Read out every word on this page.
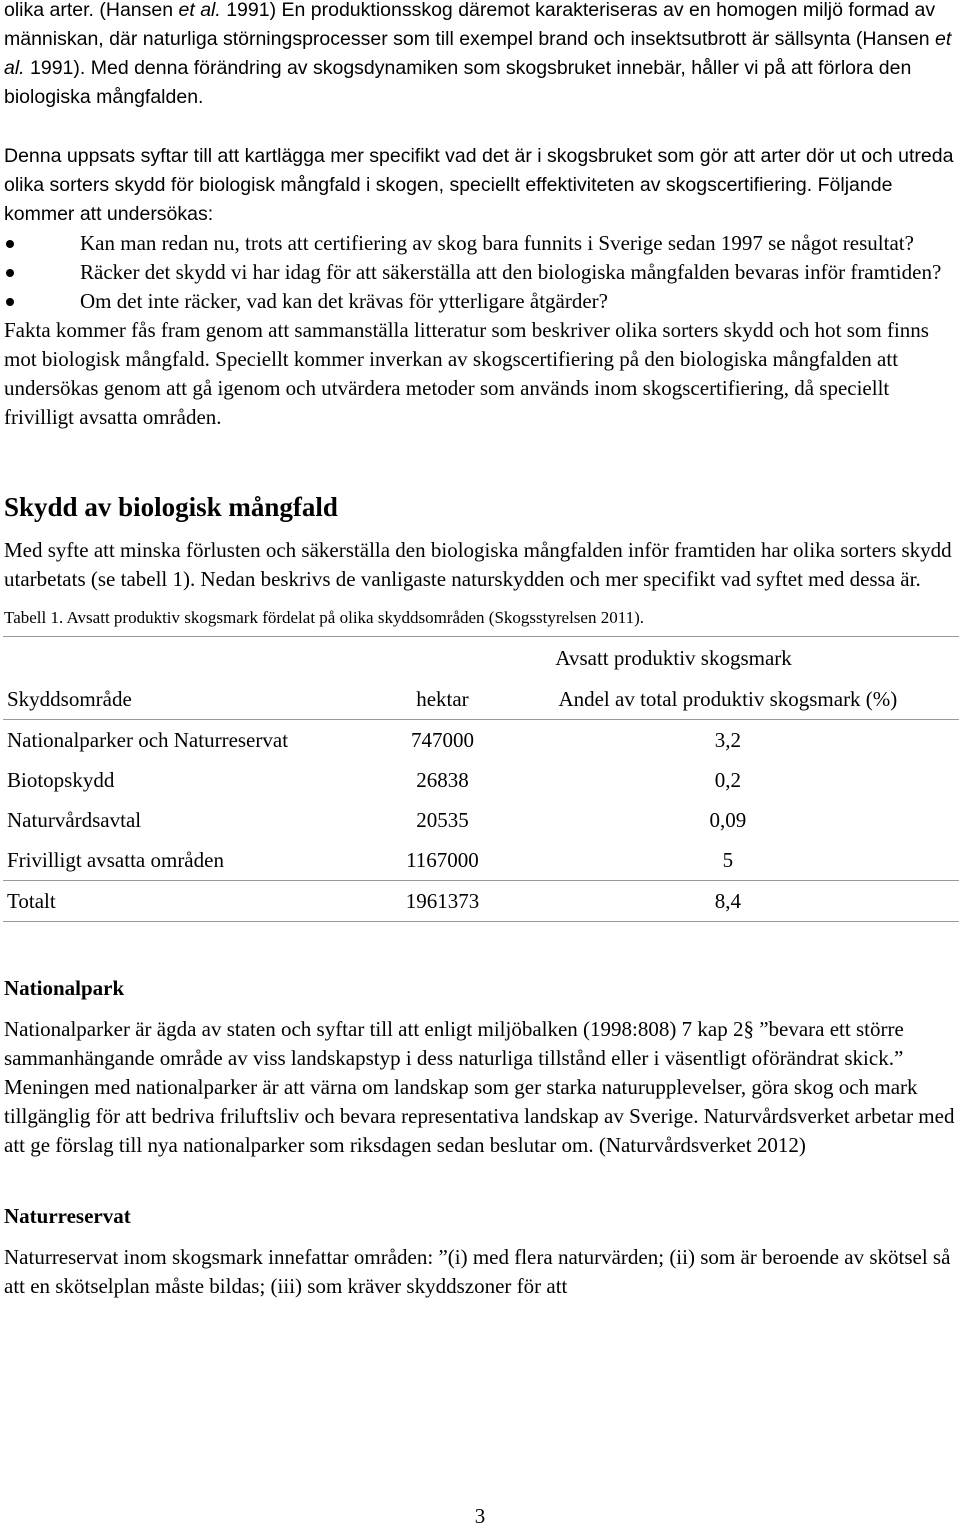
olika arter. (Hansen et al. 1991) En produktionsskog däremot karakteriseras av en homogen miljö formad av människan, där naturliga störningsprocesser som till exempel brand och insektsutbrott är sällsynta (Hansen et al. 1991). Med denna förändring av skogsdynamiken som skogsbruket innebär, håller vi på att förlora den biologiska mångfalden.

Denna uppsats syftar till att kartlägga mer specifikt vad det är i skogsbruket som gör att arter dör ut och utreda olika sorters skydd för biologisk mångfald i skogen, speciellt effektiviteten av skogscertifiering. Följande kommer att undersökas:

Kan man redan nu, trots att certifiering av skog bara funnits i Sverige sedan 1997 se något resultat?
Räcker det skydd vi har idag för att säkerställa att den biologiska mångfalden bevaras inför framtiden?
Om det inte räcker, vad kan det krävas för ytterligare åtgärder?

Fakta kommer fås fram genom att sammanställa litteratur som beskriver olika sorters skydd och hot som finns mot biologisk mångfald. Speciellt kommer inverkan av skogscertifiering på den biologiska mångfalden att undersökas genom att gå igenom och utvärdera metoder som används inom skogscertifiering, då speciellt frivilligt avsatta områden.

Skydd av biologisk mångfald

Med syfte att minska förlusten och säkerställa den biologiska mångfalden inför framtiden har olika sorters skydd utarbetats (se tabell 1). Nedan beskrivs de vanligaste naturskydden och mer specifikt vad syftet med dessa är.

Tabell 1. Avsatt produktiv skogsmark fördelat på olika skyddsområden (Skogsstyrelsen 2011).
	Avsatt produktiv skogsmark	
Skyddsområde	hektar	Andel av total produktiv skogsmark (%)
Nationalparker och Naturreservat	747000	3,2
Biotopskydd	26838	0,2
Naturvårdsavtal	20535	0,09
Frivilligt avsatta områden	1167000	5
Totalt	1961373	8,4
Nationalpark

Nationalparker är ägda av staten och syftar till att enligt miljöbalken (1998:808) 7 kap 2§ ”bevara ett större sammanhängande område av viss landskapstyp i dess naturliga tillstånd eller i väsentligt oförändrat skick.” Meningen med nationalparker är att värna om landskap som ger starka naturupplevelser, göra skog och mark tillgänglig för att bedriva friluftsliv och bevara representativa landskap av Sverige. Naturvårdsverket arbetar med att ge förslag till nya nationalparker som riksdagen sedan beslutar om. (Naturvårdsverket 2012)

Naturreservat

Naturreservat inom skogsmark innefattar områden: ”(i) med flera naturvärden; (ii) som är beroende av skötsel så att en skötselplan måste bildas; (iii) som kräver skyddszoner för att

3
